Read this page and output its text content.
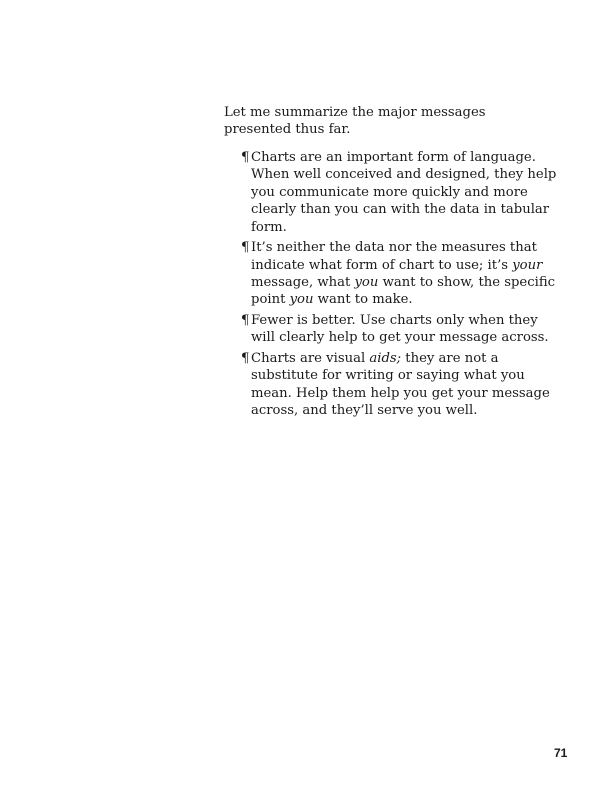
Let me summarize the major messages presented thus far.

¶ Charts are an important form of language. When well conceived and designed, they help you communicate more quickly and more clearly than you can with the data in tabular form.
¶ It’s neither the data nor the measures that indicate what form of chart to use; it’s your message, what you want to show, the specific point you want to make.
¶ Fewer is better. Use charts only when they will clearly help to get your message across.
¶ Charts are visual aids; they are not a substitute for writing or saying what you mean. Help them help you get your message across, and they’ll serve you well.

71
